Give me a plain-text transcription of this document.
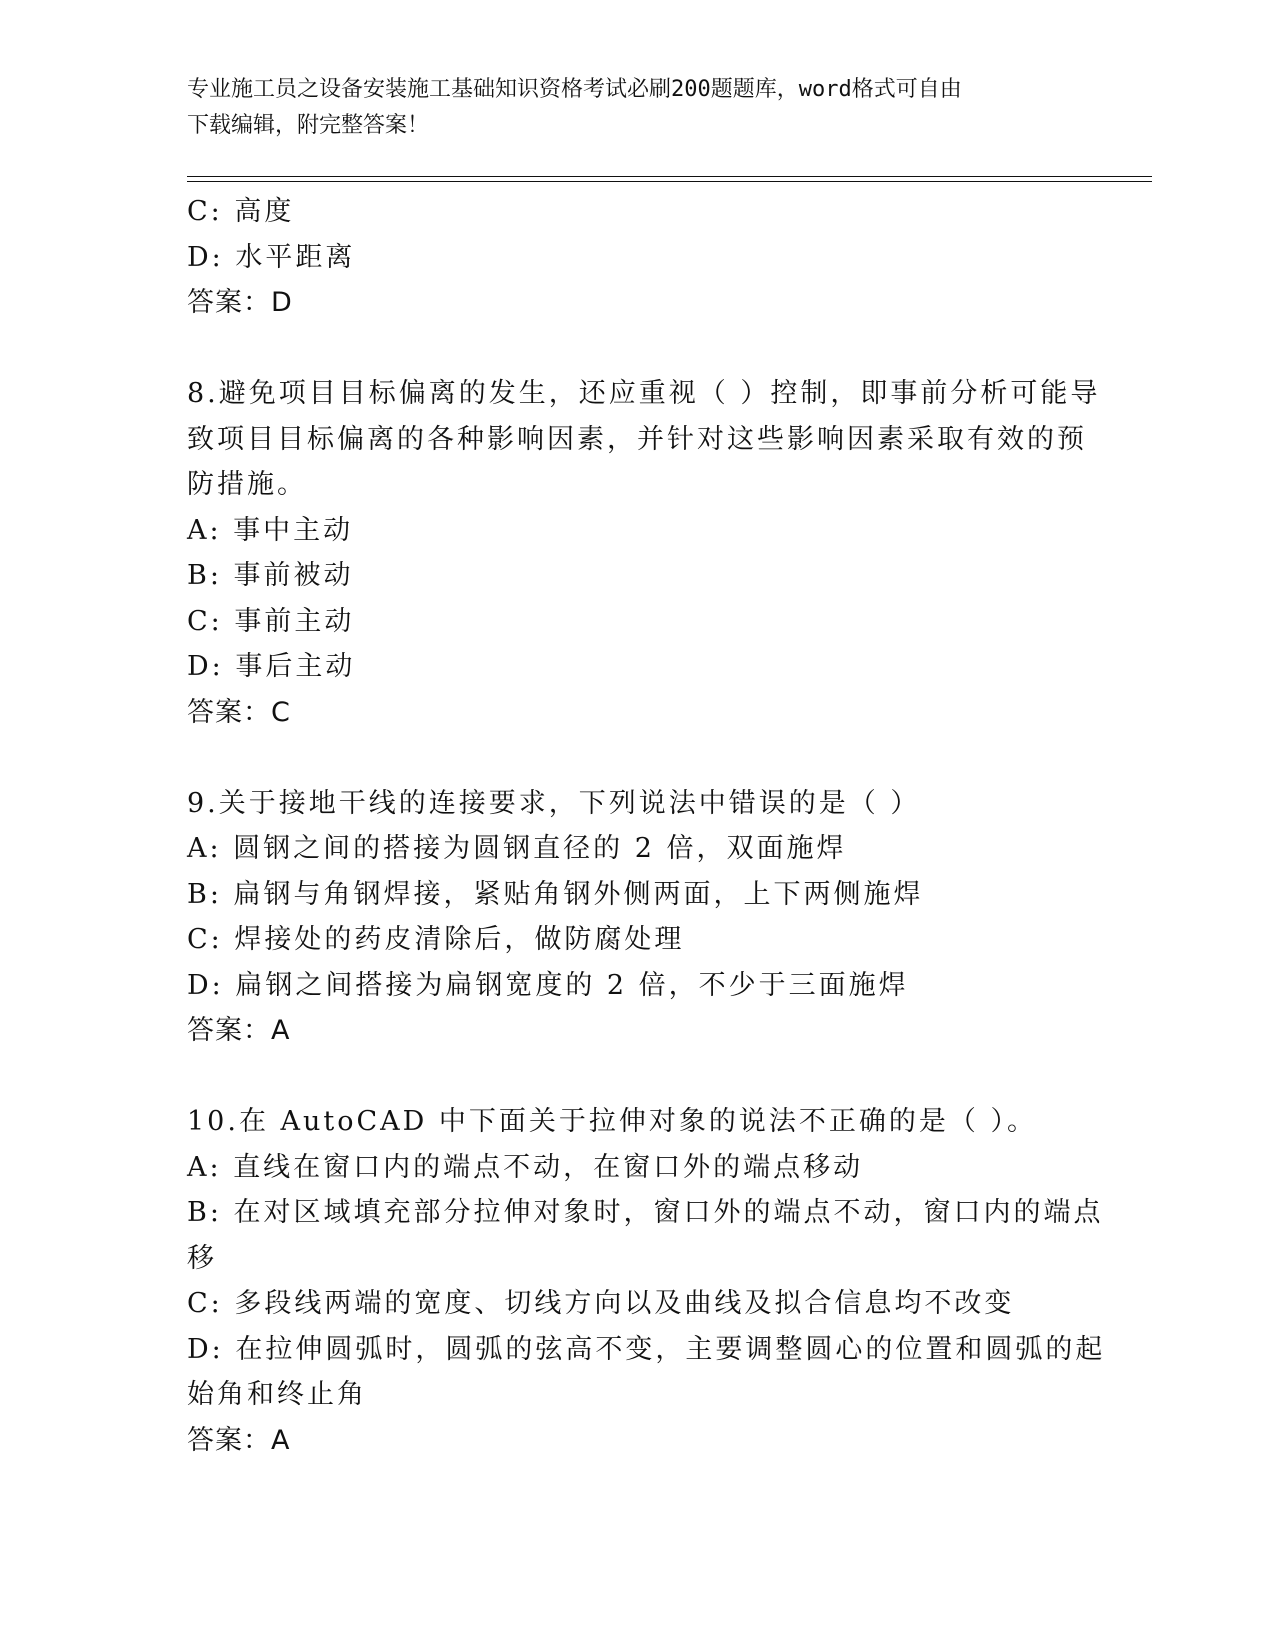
专业施工员之设备安装施工基础知识资格考试必刷200题题库，word格式可自由
下载编辑，附完整答案！

C: 高度

D: 水平距离

答案：D

8.避免项目目标偏离的发生，还应重视（ ）控制，即事前分析可能导

致项目目标偏离的各种影响因素，并针对这些影响因素采取有效的预

防措施。

A: 事中主动

B: 事前被动

C: 事前主动

D: 事后主动

答案：C

9.关于接地干线的连接要求，下列说法中错误的是（ ）

A: 圆钢之间的搭接为圆钢直径的 2 倍，双面施焊

B: 扁钢与角钢焊接，紧贴角钢外侧两面，上下两侧施焊

C: 焊接处的药皮清除后，做防腐处理

D: 扁钢之间搭接为扁钢宽度的 2 倍，不少于三面施焊

答案：A

10.在 AutoCAD 中下面关于拉伸对象的说法不正确的是（ ）。

A: 直线在窗口内的端点不动，在窗口外的端点移动

B: 在对区域填充部分拉伸对象时，窗口外的端点不动，窗口内的端点

移

C: 多段线两端的宽度、切线方向以及曲线及拟合信息均不改变

D: 在拉伸圆弧时，圆弧的弦高不变，主要调整圆心的位置和圆弧的起

始角和终止角

答案：A
